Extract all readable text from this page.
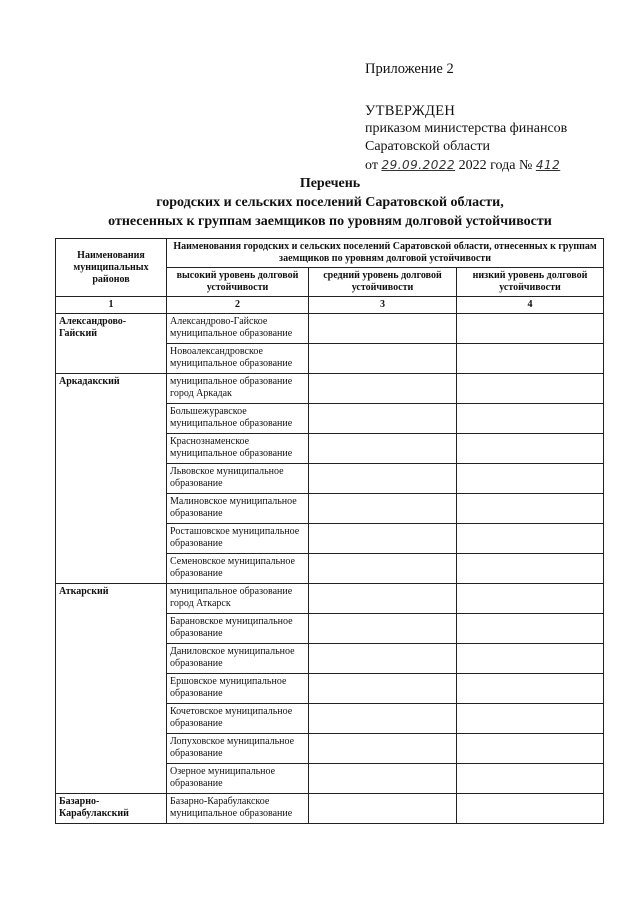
Приложение 2
УТВЕРЖДЕН
приказом министерства финансов
Саратовской области
от 29.09.2022 2022 года № 412
Перечень
городских и сельских поселений Саратовской области,
отнесенных к группам заемщиков по уровням долговой устойчивости
Наименования муниципальных районов	Наименования городских и сельских поселений Саратовской области, отнесенных к группам заемщиков по уровням долговой устойчивости		
	высокий уровень долговой устойчивости	средний уровень долговой устойчивости	низкий уровень долговой устойчивости
1	2	3	4
Александрово-Гайский	Александрово-Гайское муниципальное образование		
	Новоалександровское муниципальное образование		
Аркадакский	муниципальное образование город Аркадак		
	Большежуравское муниципальное образование		
	Краснознаменское муниципальное образование		
	Львовское муниципальное образование		
	Малиновское муниципальное образование		
	Росташовское муниципальное образование		
	Семеновское муниципальное образование		
Аткарский	муниципальное образование город Аткарск		
	Барановское муниципальное образование		
	Даниловское муниципальное образование		
	Ершовское муниципальное образование		
	Кочетовское муниципальное образование		
	Лопуховское муниципальное образование		
	Озерное муниципальное образование		
Базарно-Карабулакский	Базарно-Карабулакское муниципальное образование		
